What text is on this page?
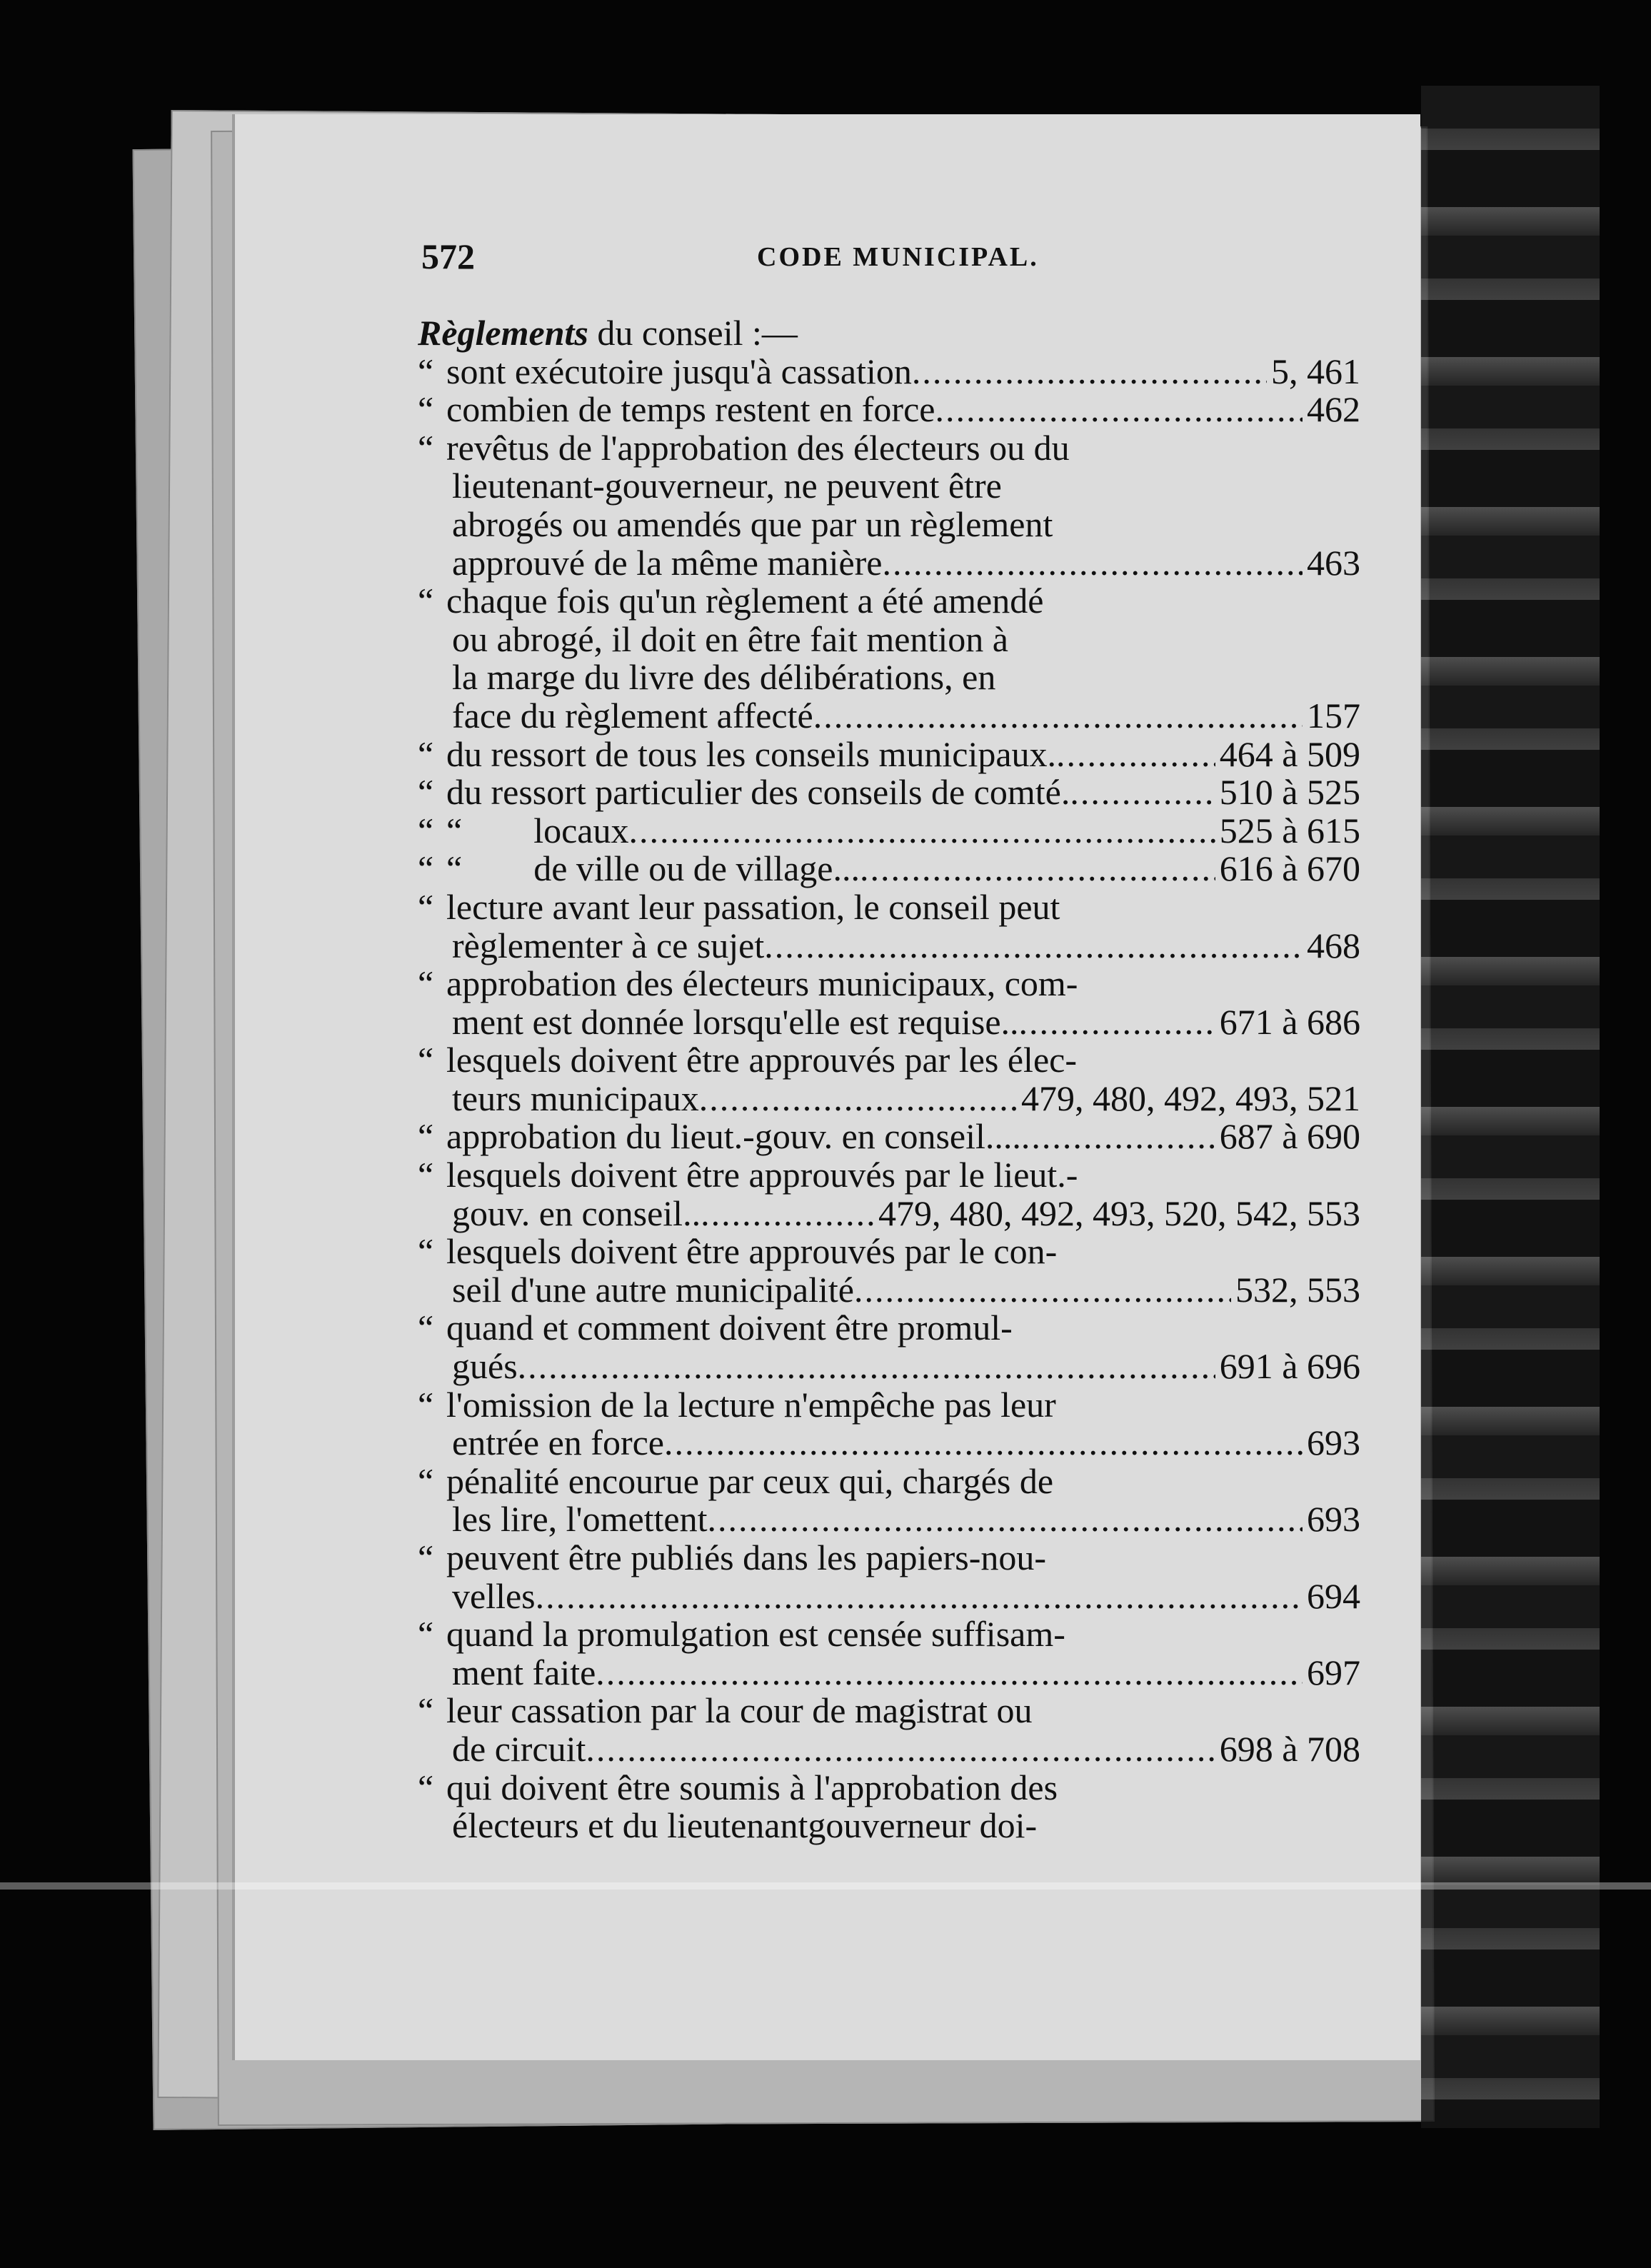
572	CODE MUNICIPAL.
Règlements du conseil :—
“ sont exécutoire jusqu'à cassation .....	5, 461
“ combien de temps restent en force .....	462
“ revêtus de l'approbation des électeurs ou du
lieutenant-gouverneur, ne peuvent être
abrogés ou amendés que par un règlement
approuvé de la même manière .....	463
“ chaque fois qu'un règlement a été amendé
ou abrogé, il doit en être fait mention à
la marge du livre des délibérations, en
face du règlement affecté .....	157
“ du ressort de tous les conseils municipaux. .....	464 à 509
“ du ressort particulier des conseils de comté. .....	510 à 525
“ “        locaux .....	525 à 615
“ “        de ville ou de village... .....	616 à 670
“ lecture avant leur passation, le conseil peut
règlementer à ce sujet .....	468
“ approbation des électeurs municipaux, com-
ment est donnée lorsqu'elle est requise.. .....	671 à 686
“ lesquels doivent être approuvés par les élec-
teurs municipaux .....	479, 480, 492, 493, 521
“ approbation du lieut.-gouv. en conseil.... .....	687 à 690
“ lesquels doivent être approuvés par le lieut.-
gouv. en conseil.. .....	479, 480, 492, 493, 520, 542, 553
“ lesquels doivent être approuvés par le con-
seil d'une autre municipalité .....	532, 553
“ quand et comment doivent être promul-
gués .....	691 à 696
“ l'omission de la lecture n'empêche pas leur
entrée en force .....	693
“ pénalité encourue par ceux qui, chargés de
les lire, l'omettent .....	693
“ peuvent être publiés dans les papiers-nou-
velles .....	694
“ quand la promulgation est censée suffisam-
ment faite .....	697
“ leur cassation par la cour de magistrat ou
de circuit .....	698 à 708
“ qui doivent être soumis à l'approbation des
électeurs et du lieutenantgouverneur doi-
